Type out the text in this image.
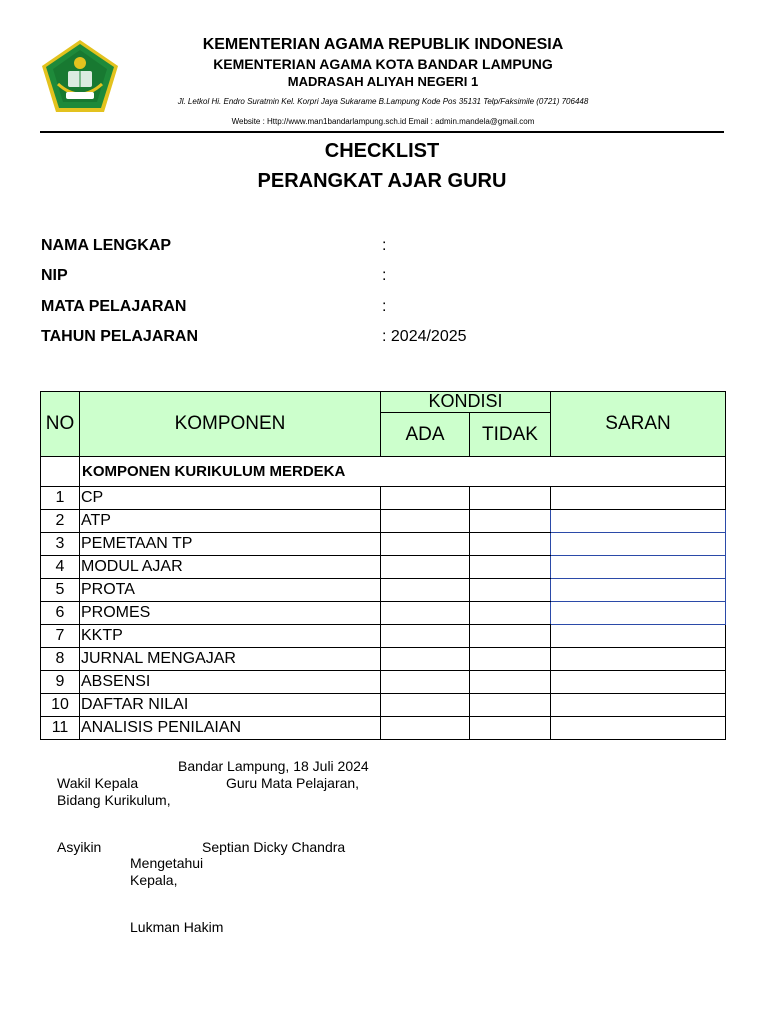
KEMENTERIAN AGAMA REPUBLIK INDONESIA
KEMENTERIAN AGAMA KOTA BANDAR LAMPUNG
MADRASAH ALIYAH NEGERI 1
Jl. Letkol Hi. Endro Suratmin Kel. Korpri Jaya Sukarame B.Lampung Kode Pos 35131 Telp/Faksimile (0721) 706448
Website : Http://www.man1bandarlampung.sch.id Email : admin.mandela@gmail.com
CHECKLIST
PERANGKAT AJAR GURU
NAMA LENGKAP	:
NIP	:
MATA PELAJARAN	:
TAHUN PELAJARAN	: 2024/2025
NO	KOMPONEN	KONDISI		SARAN
		ADA	TIDAK	
	KOMPONEN KURIKULUM MERDEKA			
1	CP			
2	ATP			
3	PEMETAAN TP			
4	MODUL AJAR			
5	PROTA			
6	PROMES			
7	KKTP			
8	JURNAL MENGAJAR			
9	ABSENSI			
10	DAFTAR NILAI			
11	ANALISIS PENILAIAN			
Bandar Lampung, 18 Juli 2024
Wakil Kepala
Bidang Kurikulum,
Guru Mata Pelajaran,
Asyikin	Septian Dicky Chandra
Mengetahui
Kepala,
Lukman Hakim
